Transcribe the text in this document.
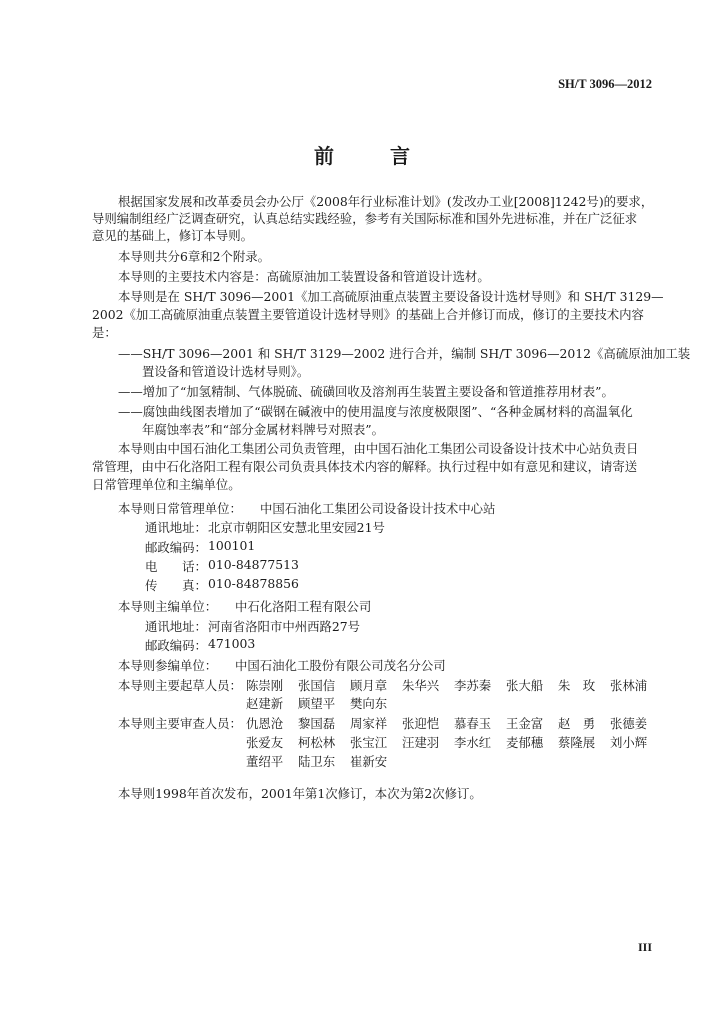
SH/T 3096—2012
前　言
根据国家发展和改革委员会办公厅《2008年行业标准计划》(发改办工业[2008]1242号)的要求，
导则编制组经广泛调查研究，认真总结实践经验，参考有关国际标准和国外先进标准，并在广泛征求
意见的基础上，修订本导则。
本导则共分6章和2个附录。
本导则的主要技术内容是：高硫原油加工装置设备和管道设计选材。
本导则是在 SH/T 3096—2001《加工高硫原油重点装置主要设备设计选材导则》和 SH/T 3129—
2002《加工高硫原油重点装置主要管道设计选材导则》的基础上合并修订而成，修订的主要技术内容
是：
——SH/T 3096—2001 和 SH/T 3129—2002 进行合并，编制 SH/T 3096—2012《高硫原油加工装
置设备和管道设计选材导则》。
——增加了“加氢精制、气体脱硫、硫磺回收及溶剂再生装置主要设备和管道推荐用材表”。
——腐蚀曲线图表增加了“碳钢在碱液中的使用温度与浓度极限图”、“各种金属材料的高温氧化
年腐蚀率表”和“部分金属材料牌号对照表”。
本导则由中国石油化工集团公司负责管理，由中国石油化工集团公司设备设计技术中心站负责日
常管理，由中石化洛阳工程有限公司负责具体技术内容的解释。执行过程中如有意见和建议，请寄送
日常管理单位和主编单位。
本导则日常管理单位： 中国石油化工集团公司设备设计技术中心站
通讯地址： 北京市朝阳区安慧北里安园21号
邮政编码： 100101
电　　话： 010-84877513
传　　真： 010-84878856
本导则主编单位： 中石化洛阳工程有限公司
通讯地址： 河南省洛阳市中州西路27号
邮政编码： 471003
本导则参编单位： 中国石油化工股份有限公司茂名分公司
本导则主要起草人员： 陈崇刚 张国信 顾月章 朱华兴 李苏秦 张大船 朱　玫 张林浦
赵建新 顾望平 樊向东
本导则主要审查人员： 仇恩沧 黎国磊 周家祥 张迎恺 慕春玉 王金富 赵　勇 张德姜
张爱友 柯松林 张宝江 汪建羽 李水红 麦郁穗 蔡隆展 刘小辉
董绍平 陆卫东 崔新安
本导则1998年首次发布，2001年第1次修订，本次为第2次修订。
III
